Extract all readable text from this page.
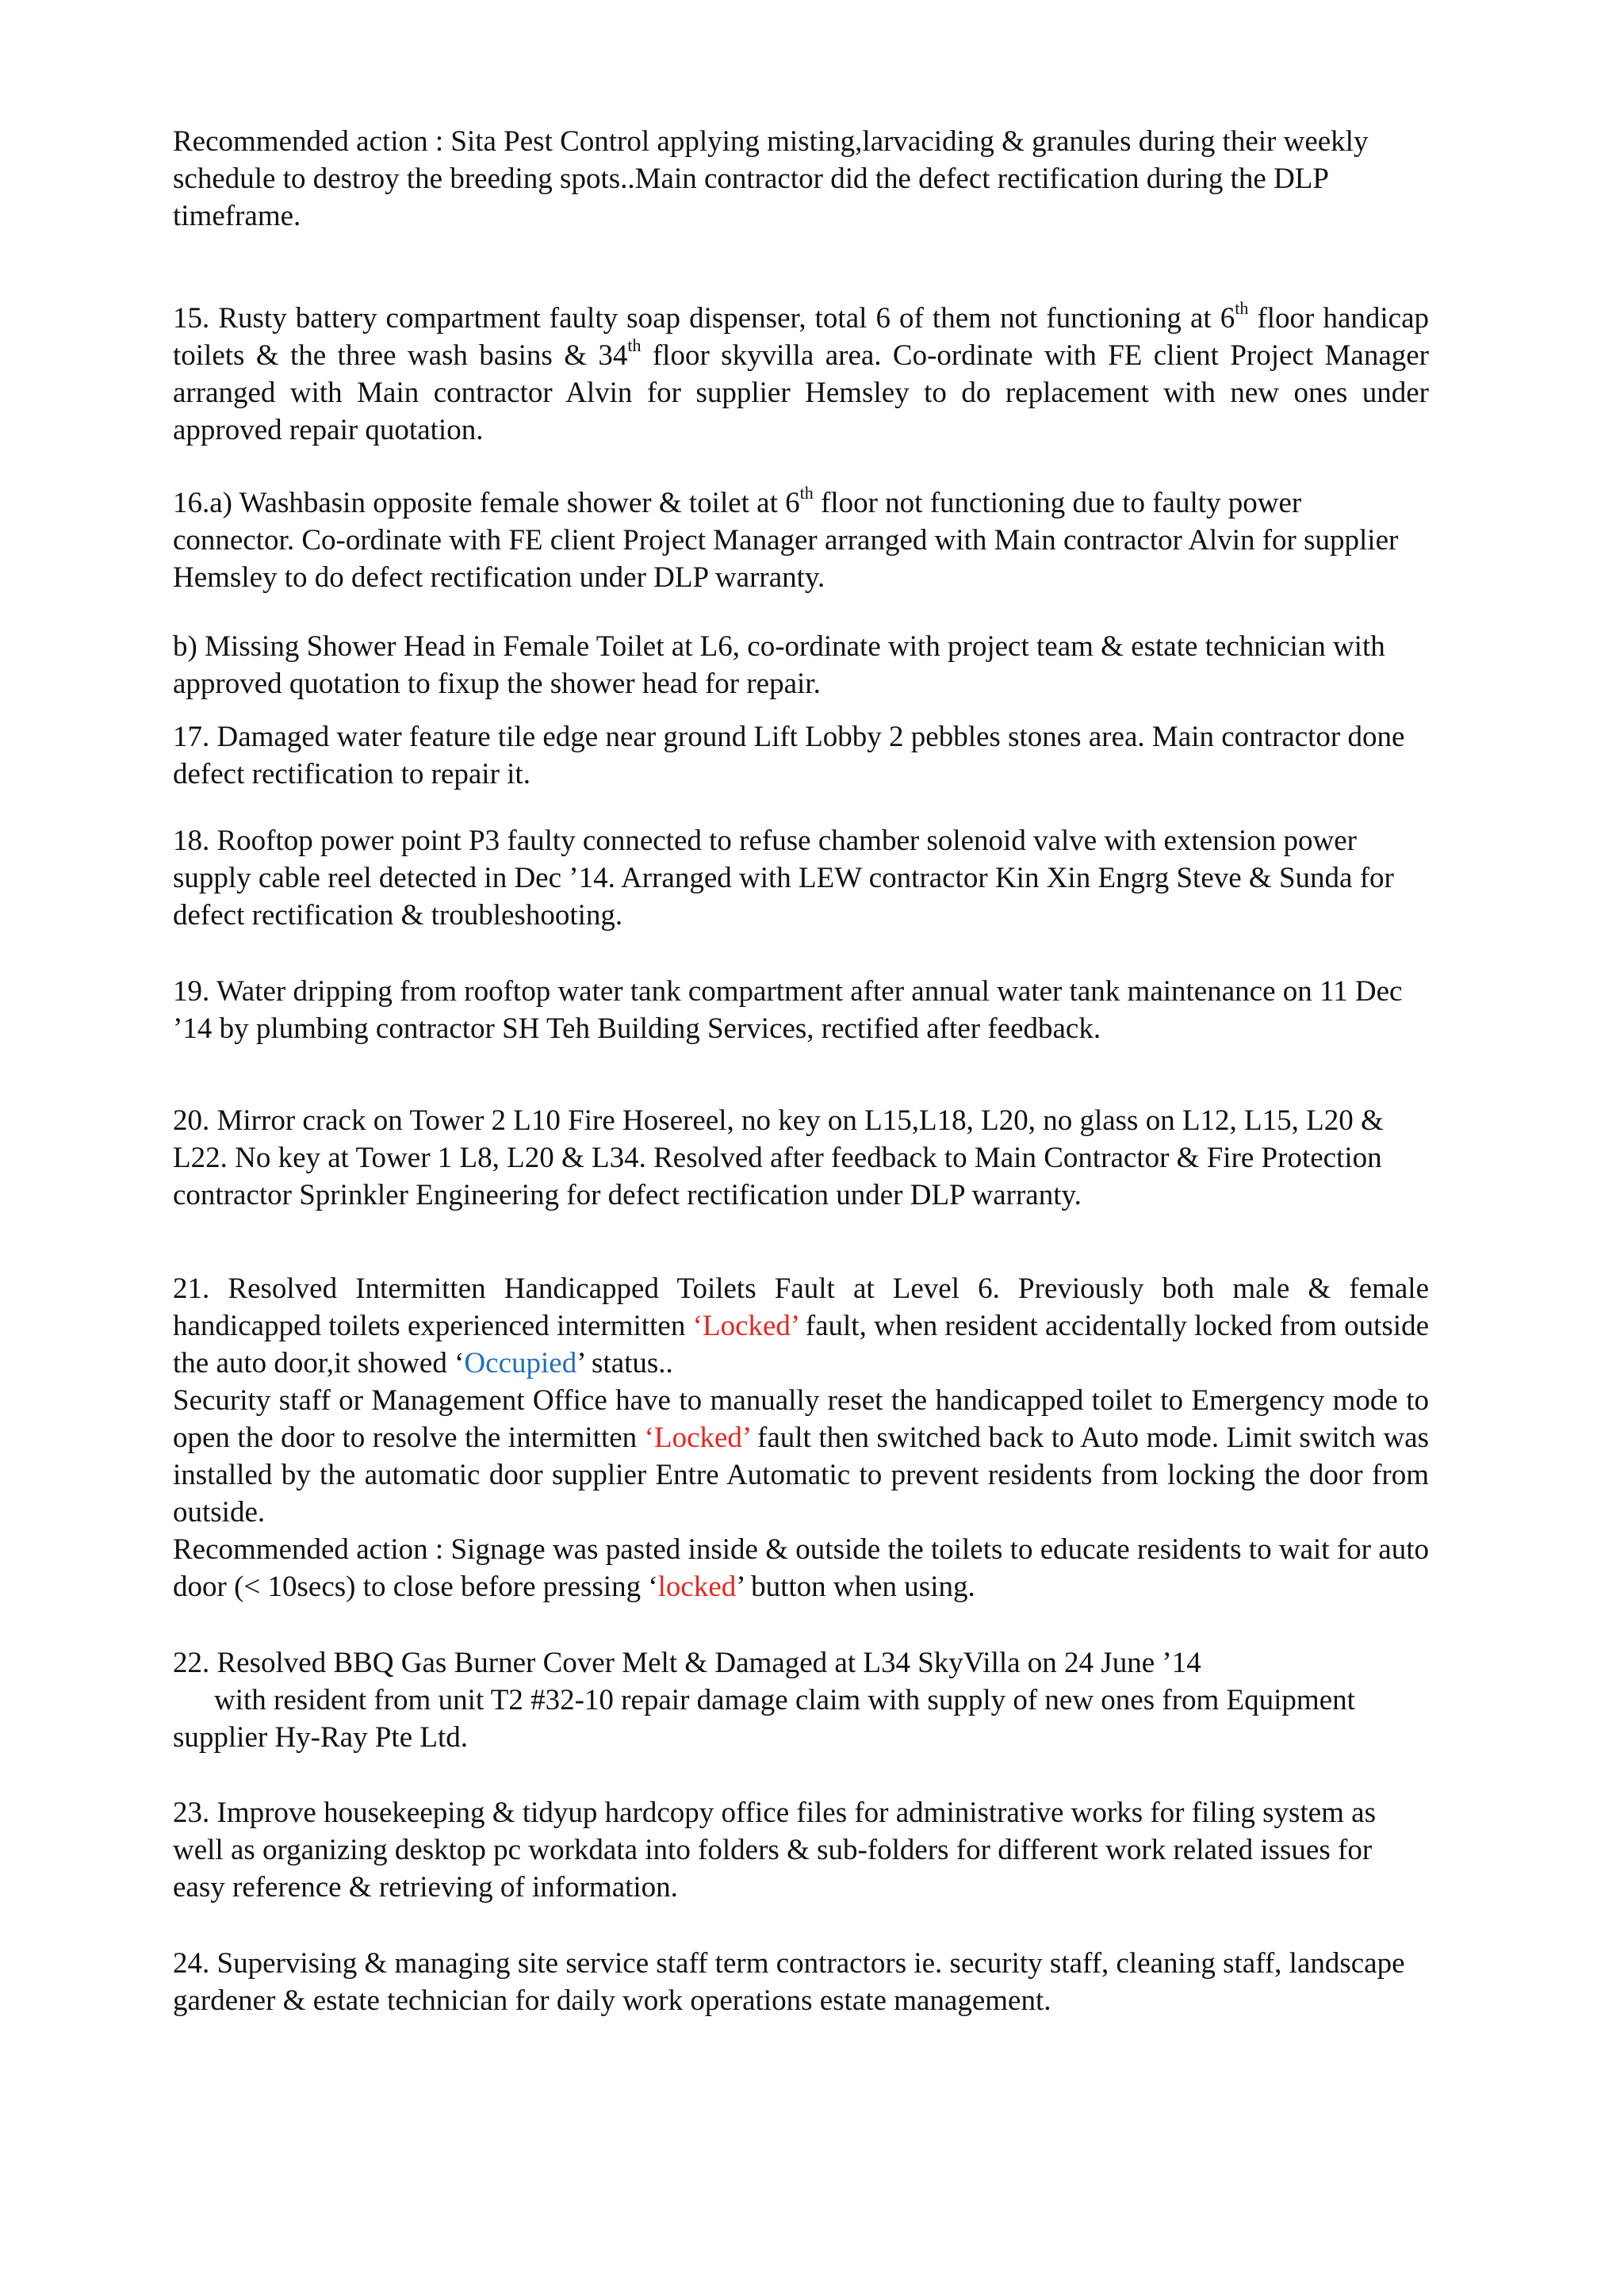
Recommended action : Sita Pest Control applying misting,larvaciding & granules during their weekly schedule to destroy the breeding spots..Main contractor did the defect rectification during the DLP timeframe.

15. Rusty battery compartment faulty soap dispenser, total 6 of them not functioning at 6th floor handicap toilets & the three wash basins & 34th floor skyvilla area. Co-ordinate with FE client Project Manager arranged with Main contractor Alvin for supplier Hemsley to do replacement with new ones under approved repair quotation.

16.a) Washbasin opposite female shower & toilet at 6th floor not functioning due to faulty power connector. Co-ordinate with FE client Project Manager arranged with Main contractor Alvin for supplier Hemsley to do defect rectification under DLP warranty.

b) Missing Shower Head in Female Toilet at L6, co-ordinate with project team & estate technician with approved quotation to fixup the shower head for repair.

17. Damaged water feature tile edge near ground Lift Lobby 2 pebbles stones area. Main contractor done defect rectification to repair it.

18. Rooftop power point P3 faulty connected to refuse chamber solenoid valve with extension power supply cable reel detected in Dec ’14. Arranged with LEW contractor Kin Xin Engrg Steve & Sunda for defect rectification & troubleshooting.

19. Water dripping from rooftop water tank compartment after annual water tank maintenance on 11 Dec ’14 by plumbing contractor SH Teh Building Services, rectified after feedback.

20. Mirror crack on Tower 2 L10 Fire Hosereel, no key on L15,L18, L20, no glass on L12, L15, L20 & L22. No key at Tower 1 L8, L20 & L34. Resolved after feedback to Main Contractor & Fire Protection contractor Sprinkler Engineering for defect rectification under DLP warranty.

21. Resolved Intermitten Handicapped Toilets Fault at Level 6. Previously both male & female handicapped toilets experienced intermitten ‘Locked’ fault, when resident accidentally locked from outside the auto door,it showed ‘Occupied’ status..
Security staff or Management Office have to manually reset the handicapped toilet to Emergency mode to open the door to resolve the intermitten ‘Locked’ fault then switched back to Auto mode. Limit switch was installed by the automatic door supplier Entre Automatic to prevent residents from locking the door from outside.
Recommended action : Signage was pasted inside & outside the toilets to educate residents to wait for auto door (< 10secs) to close before pressing ‘locked’ button when using.

22. Resolved BBQ Gas Burner Cover Melt & Damaged at L34 SkyVilla on 24 June ’14
with resident from unit T2 #32-10 repair damage claim with supply of new ones from Equipment supplier Hy-Ray Pte Ltd.

23. Improve housekeeping & tidyup hardcopy office files for administrative works for filing system as well as organizing desktop pc workdata into folders & sub-folders for different work related issues for easy reference & retrieving of information.

24. Supervising & managing site service staff term contractors ie. security staff, cleaning staff, landscape gardener & estate technician for daily work operations estate management.
